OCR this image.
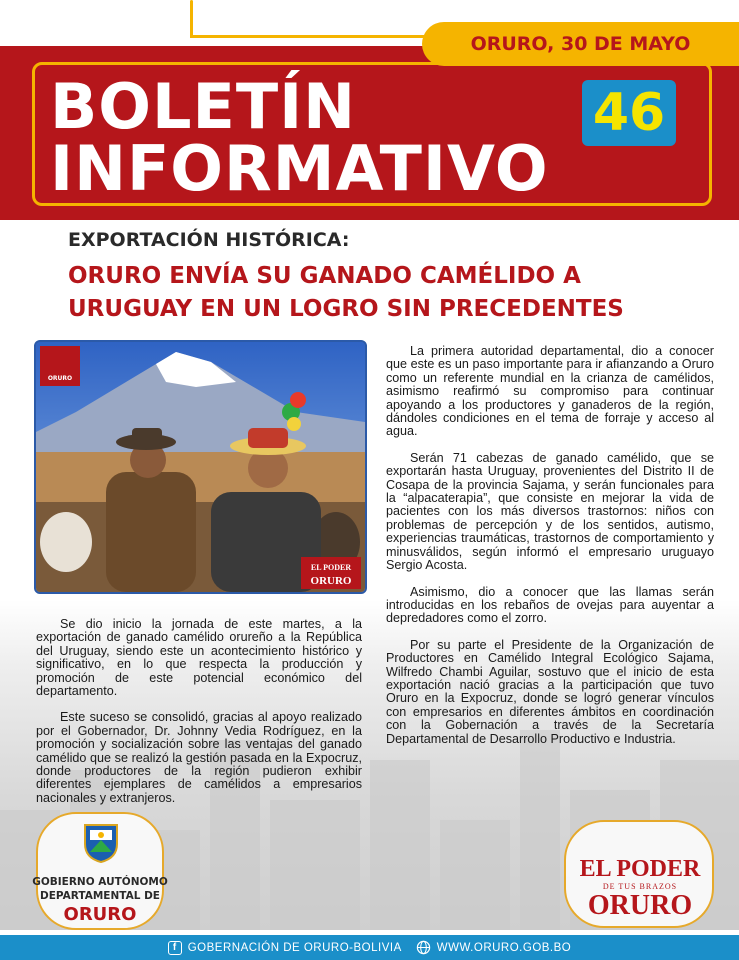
BOLETÍN
INFORMATIVO
ORURO, 30 DE MAYO
46
EXPORTACIÓN HISTÓRICA:
ORURO ENVÍA SU GANADO CAMÉLIDO A URUGUAY EN UN LOGRO SIN PRECEDENTES
ORURO
EL PODER
ORURO

Se dio inicio la jornada de este martes, a la exportación de ganado camélido orureño a la República del Uruguay, siendo este un acontecimiento histórico y significativo, en lo que respecta la producción y promoción de este potencial económico del departamento.

Este suceso se consolidó, gracias al apoyo realizado por el Gobernador, Dr. Johnny Vedia Rodríguez, en la promoción y socialización sobre las ventajas del ganado camélido que se realizó la gestión pasada en la Expocruz, donde productores de la región pudieron exhibir diferentes ejemplares de camélidos a empresarios nacionales y extranjeros.

La primera autoridad departamental, dio a conocer que este es un paso importante para ir afianzando a Oruro como un referente mundial en la crianza de camélidos, asimismo reafirmó su compromiso para continuar apoyando a los productores y ganaderos de la región, dándoles condiciones en el tema de forraje y acceso al agua.

Serán 71 cabezas de ganado camélido, que se exportarán hasta Uruguay, provenientes del Distrito II de Cosapa de la provincia Sajama, y serán funcionales para la “alpacaterapia”, que consiste en mejorar la vida de pacientes con los más diversos trastornos: niños con problemas de percepción y de los sentidos, autismo, experiencias traumáticas, trastornos de comportamiento y minusválidos, según informó el empresario uruguayo Sergio Acosta.

Asimismo, dio a conocer que las llamas serán introducidas en los rebaños de ovejas para auyentar a depredadores como el zorro.

Por su parte el Presidente de la Organización de Productores en Camélido Integral Ecológico Sajama, Wilfredo Chambi Aguilar, sostuvo que el inicio de esta exportación nació gracias a la participación que tuvo Oruro en la Expocruz, donde se logró generar vínculos con empresarios en diferentes ámbitos en coordinación con la Gobernación a través de la Secretaría Departamental de Desarrollo Productivo e Industria.

GOBIERNO AUTÓNOMO
DEPARTAMENTAL DE
ORURO
EL PODER
DE TUS BRAZOS
ORURO
f GOBERNACIÓN DE ORURO-BOLIVIA	WWW.ORURO.GOB.BO
